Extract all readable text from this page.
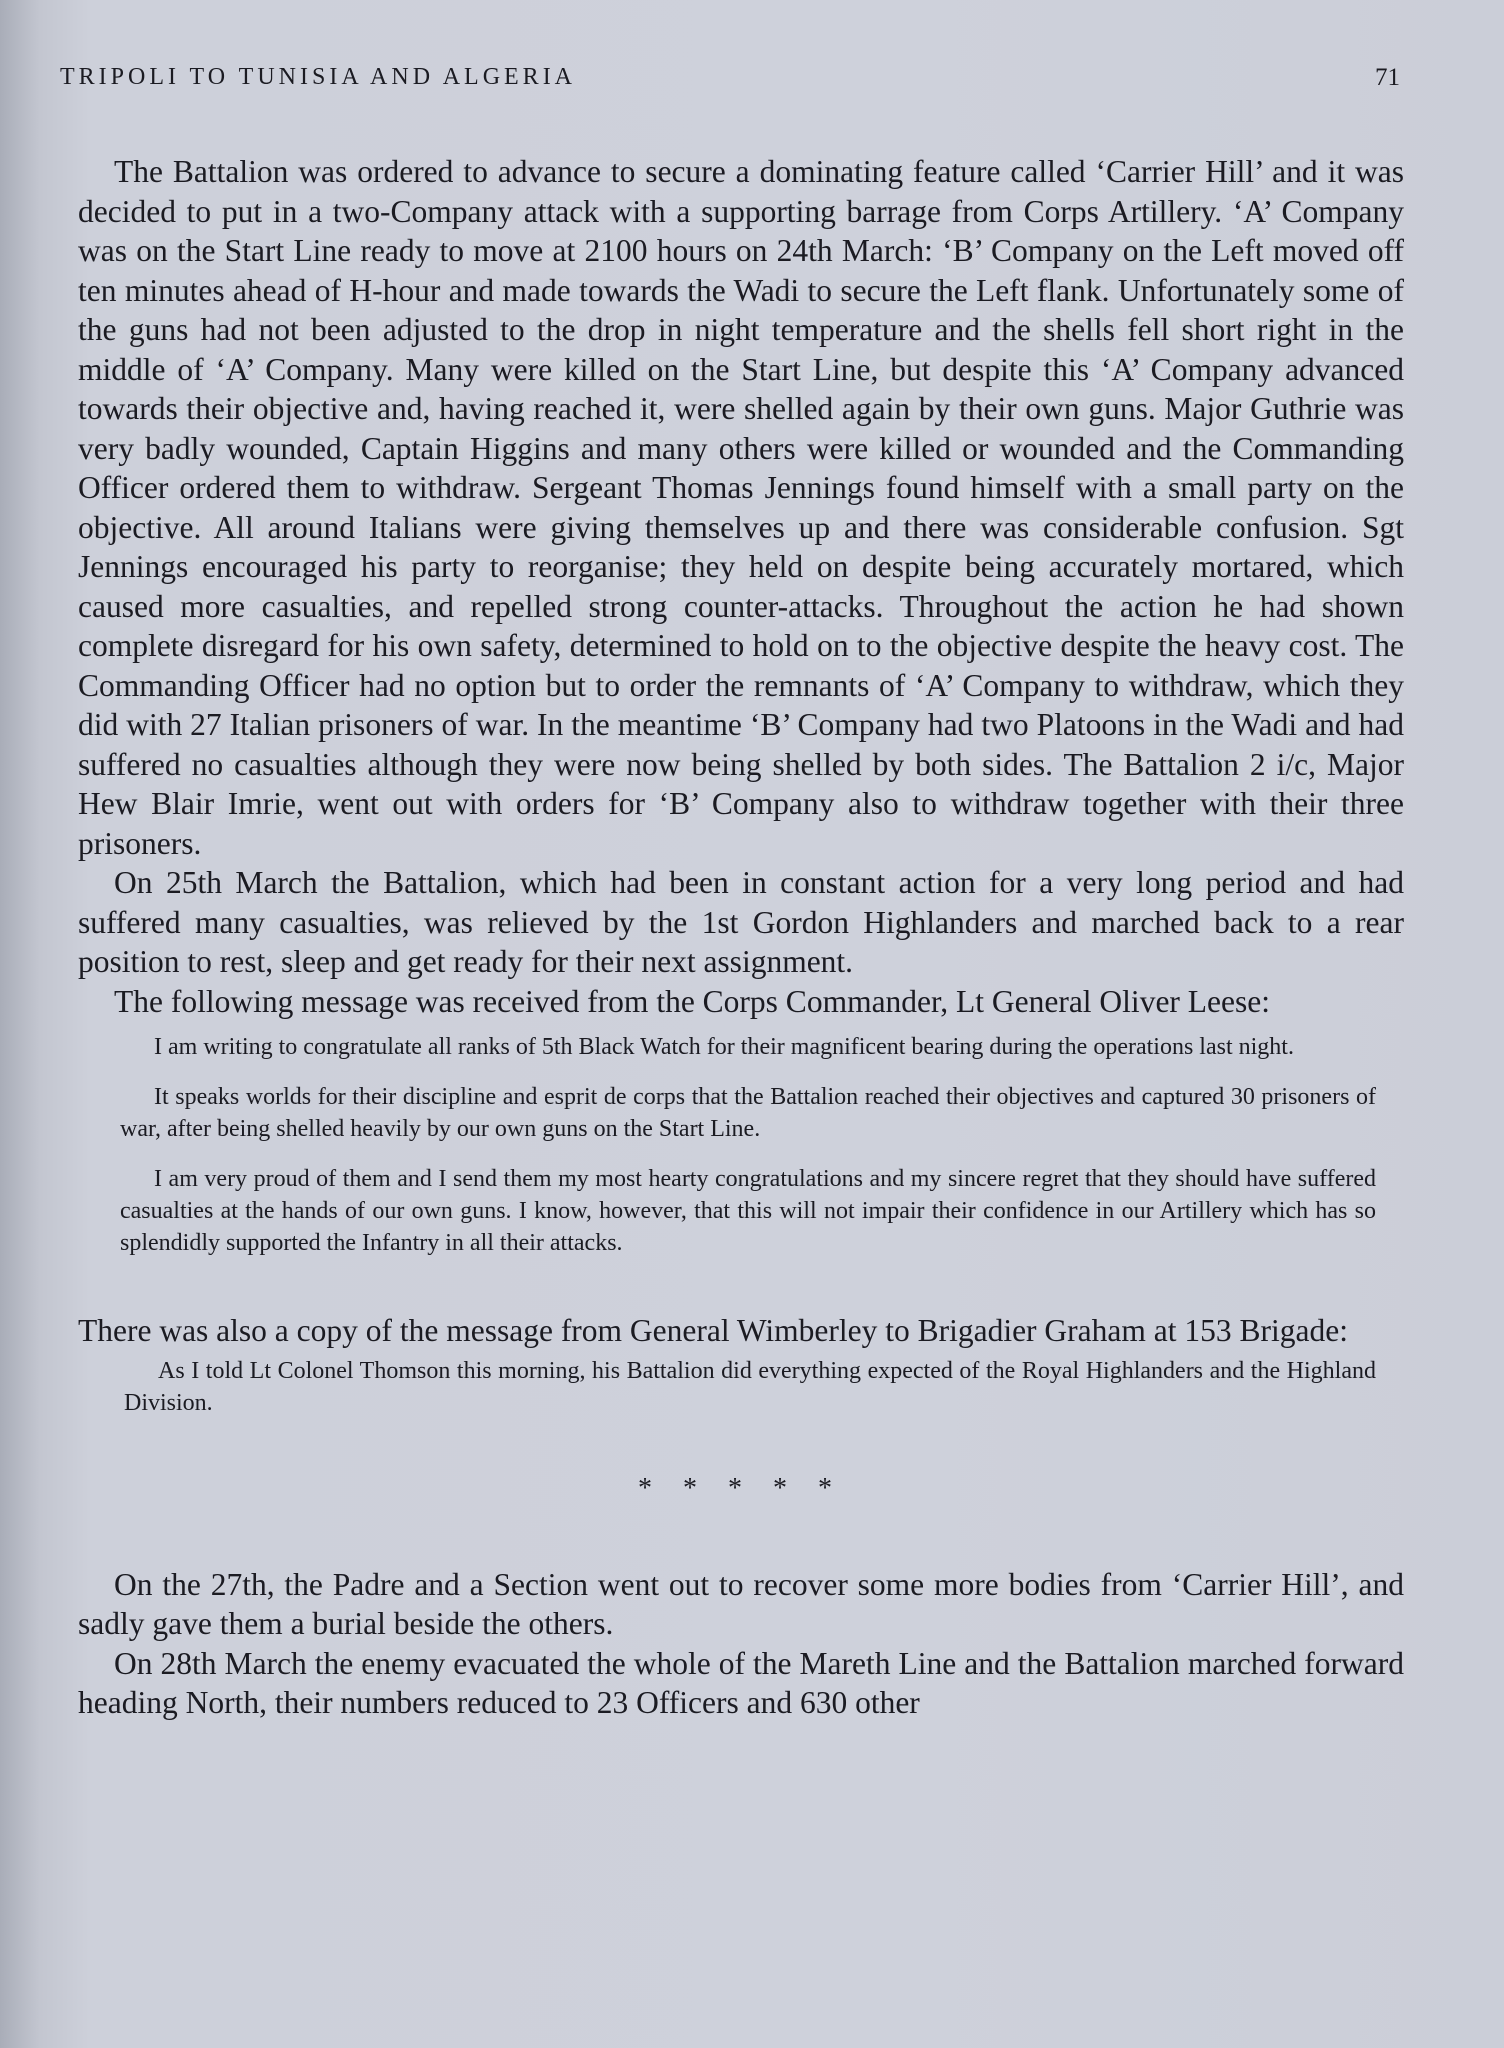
TRIPOLI TO TUNISIA AND ALGERIA	71

The Battalion was ordered to advance to secure a dominating feature called ‘Carrier Hill’ and it was decided to put in a two-Company attack with a supporting barrage from Corps Artillery. ‘A’ Company was on the Start Line ready to move at 2100 hours on 24th March: ‘B’ Company on the Left moved off ten minutes ahead of H-hour and made towards the Wadi to secure the Left flank. Unfortunately some of the guns had not been adjusted to the drop in night temperature and the shells fell short right in the middle of ‘A’ Company. Many were killed on the Start Line, but despite this ‘A’ Company advanced towards their objective and, having reached it, were shelled again by their own guns. Major Guthrie was very badly wounded, Captain Higgins and many others were killed or wounded and the Commanding Officer ordered them to withdraw. Sergeant Thomas Jennings found himself with a small party on the objective. All around Italians were giving themselves up and there was considerable confusion. Sgt Jennings encouraged his party to reorganise; they held on despite being accurately mortared, which caused more casualties, and repelled strong counter-attacks. Throughout the action he had shown complete disregard for his own safety, determined to hold on to the objective despite the heavy cost. The Commanding Officer had no option but to order the remnants of ‘A’ Company to withdraw, which they did with 27 Italian prisoners of war. In the meantime ‘B’ Company had two Platoons in the Wadi and had suffered no casualties although they were now being shelled by both sides. The Battalion 2 i/c, Major Hew Blair Imrie, went out with orders for ‘B’ Company also to withdraw together with their three prisoners.

On 25th March the Battalion, which had been in constant action for a very long period and had suffered many casualties, was relieved by the 1st Gordon Highlanders and marched back to a rear position to rest, sleep and get ready for their next assignment.

The following message was received from the Corps Commander, Lt General Oliver Leese:

I am writing to congratulate all ranks of 5th Black Watch for their magnificent bearing during the operations last night.

It speaks worlds for their discipline and esprit de corps that the Battalion reached their objectives and captured 30 prisoners of war, after being shelled heavily by our own guns on the Start Line.

I am very proud of them and I send them my most hearty congratulations and my sincere regret that they should have suffered casualties at the hands of our own guns. I know, however, that this will not impair their confidence in our Artillery which has so splendidly supported the Infantry in all their attacks.

There was also a copy of the message from General Wimberley to Brigadier Graham at 153 Brigade:

As I told Lt Colonel Thomson this morning, his Battalion did everything expected of the Royal Highlanders and the Highland Division.

* * * * *

On the 27th, the Padre and a Section went out to recover some more bodies from ‘Carrier Hill’, and sadly gave them a burial beside the others.

On 28th March the enemy evacuated the whole of the Mareth Line and the Battalion marched forward heading North, their numbers reduced to 23 Officers and 630 other
